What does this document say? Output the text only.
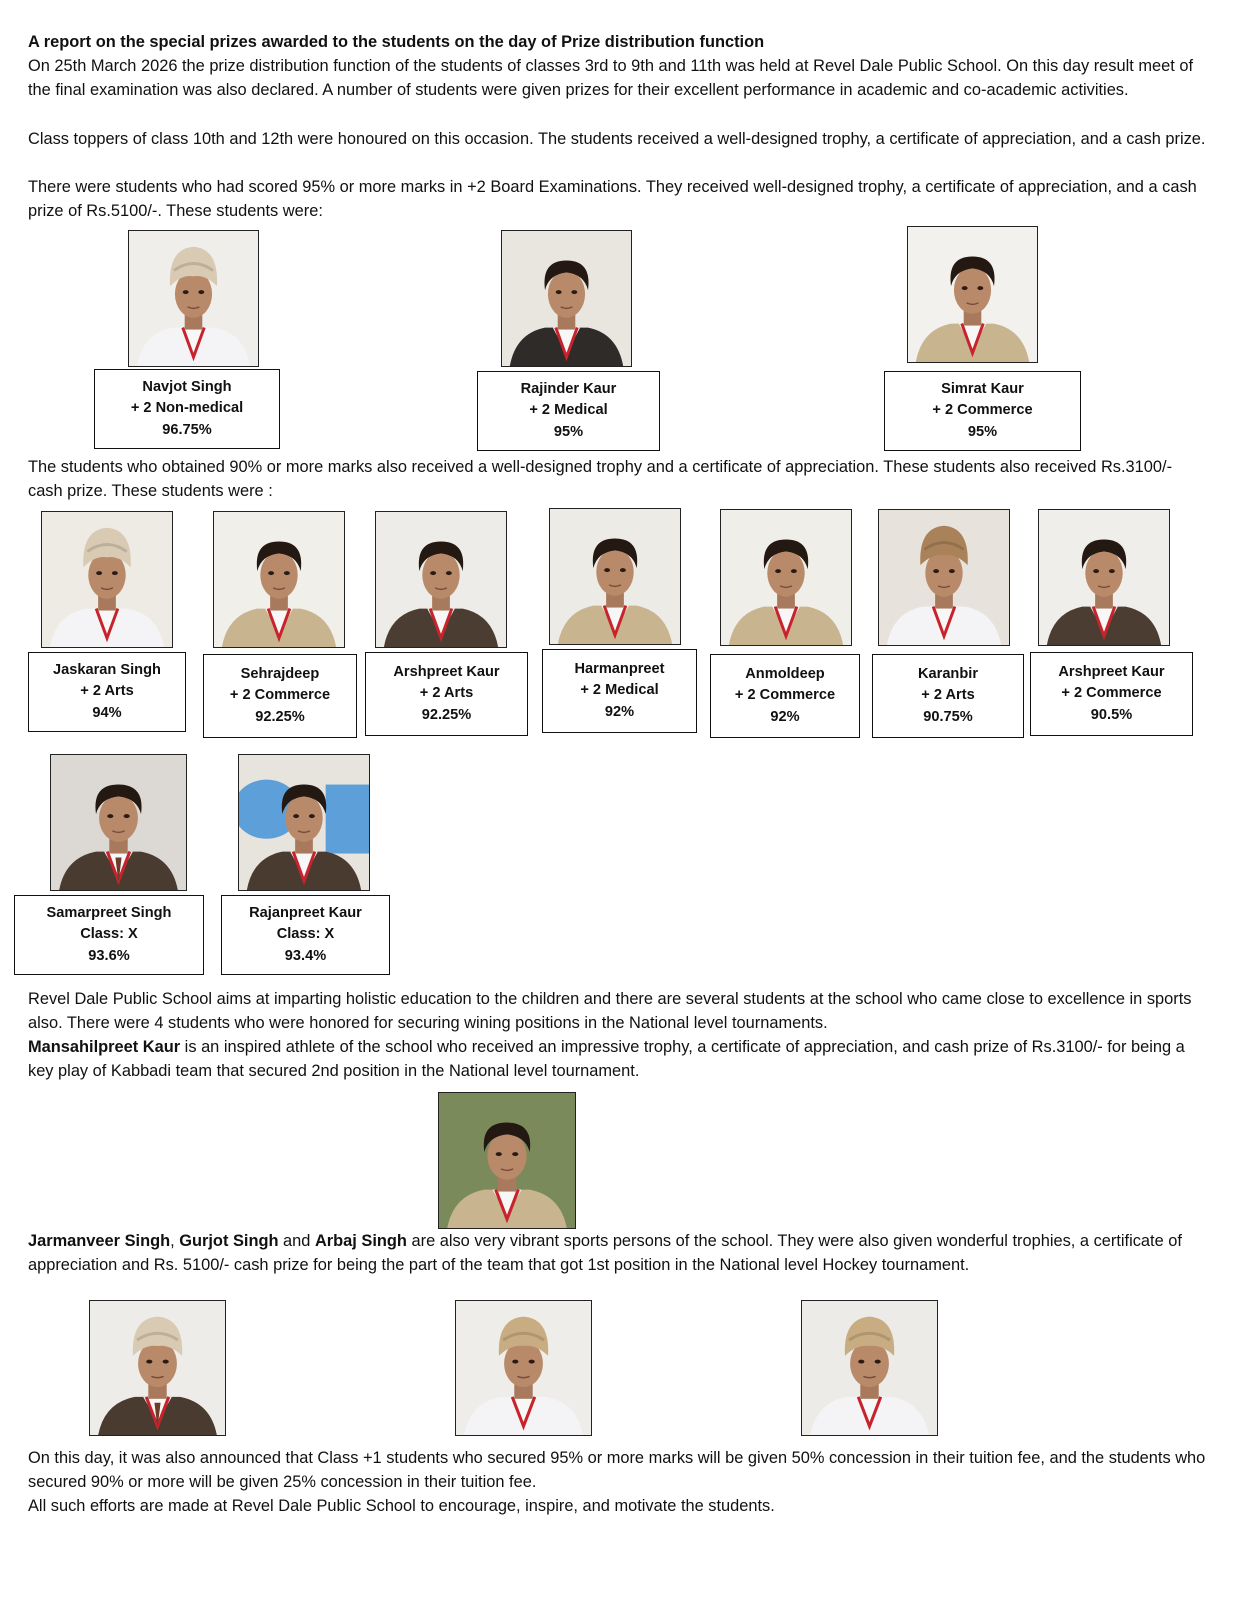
A report on the special prizes awarded to the students on the day of Prize distribution function
On 25th March 2026 the prize distribution function of the students of classes 3rd to 9th and 11th was held at Revel Dale Public School. On this day result meet of the final examination was also declared. A number of students were given prizes for their excellent performance in academic and co-academic activities.
Class toppers of class 10th and 12th were honoured on this occasion. The students received a well-designed trophy, a certificate of appreciation, and a cash prize.
There were students who had scored 95% or more marks in +2 Board Examinations. They received well-designed trophy, a certificate of appreciation, and a cash prize of Rs.5100/-. These students were:
Navjot Singh
+ 2 Non-medical
96.75%
Rajinder Kaur
+ 2 Medical
95%
Simrat Kaur
+ 2 Commerce
95%
The students who obtained 90% or more marks also received a well-designed trophy and a certificate of appreciation. These students also received Rs.3100/- cash prize. These students were :
Jaskaran Singh
+ 2 Arts
94%
Sehrajdeep
+ 2 Commerce
92.25%
Arshpreet Kaur
+ 2 Arts
92.25%
Harmanpreet
+ 2 Medical
92%
Anmoldeep
+ 2 Commerce
92%
Karanbir
+ 2 Arts
90.75%
Arshpreet Kaur
+ 2 Commerce
90.5%
Samarpreet Singh
Class: X
93.6%
Rajanpreet Kaur
Class: X
93.4%
Revel Dale Public School aims at imparting holistic education to the children and there are several students at the school who came close to excellence in sports also. There were 4 students who were honored for securing wining positions in the National level tournaments.
Mansahilpreet Kaur is an inspired athlete of the school who received an impressive trophy, a certificate of appreciation, and cash prize of Rs.3100/- for being a key play of Kabbadi team that secured 2nd position in the National level tournament.
Jarmanveer Singh, Gurjot Singh and Arbaj Singh are also very vibrant sports persons of the school. They were also given wonderful trophies, a certificate of appreciation and Rs. 5100/- cash prize for being the part of the team that got 1st position in the National level Hockey tournament.
On this day, it was also announced that Class +1 students who secured 95% or more marks will be given 50% concession in their tuition fee, and the students who secured 90% or more will be given 25% concession in their tuition fee.
All such efforts are made at Revel Dale Public School to encourage, inspire, and motivate the students.
